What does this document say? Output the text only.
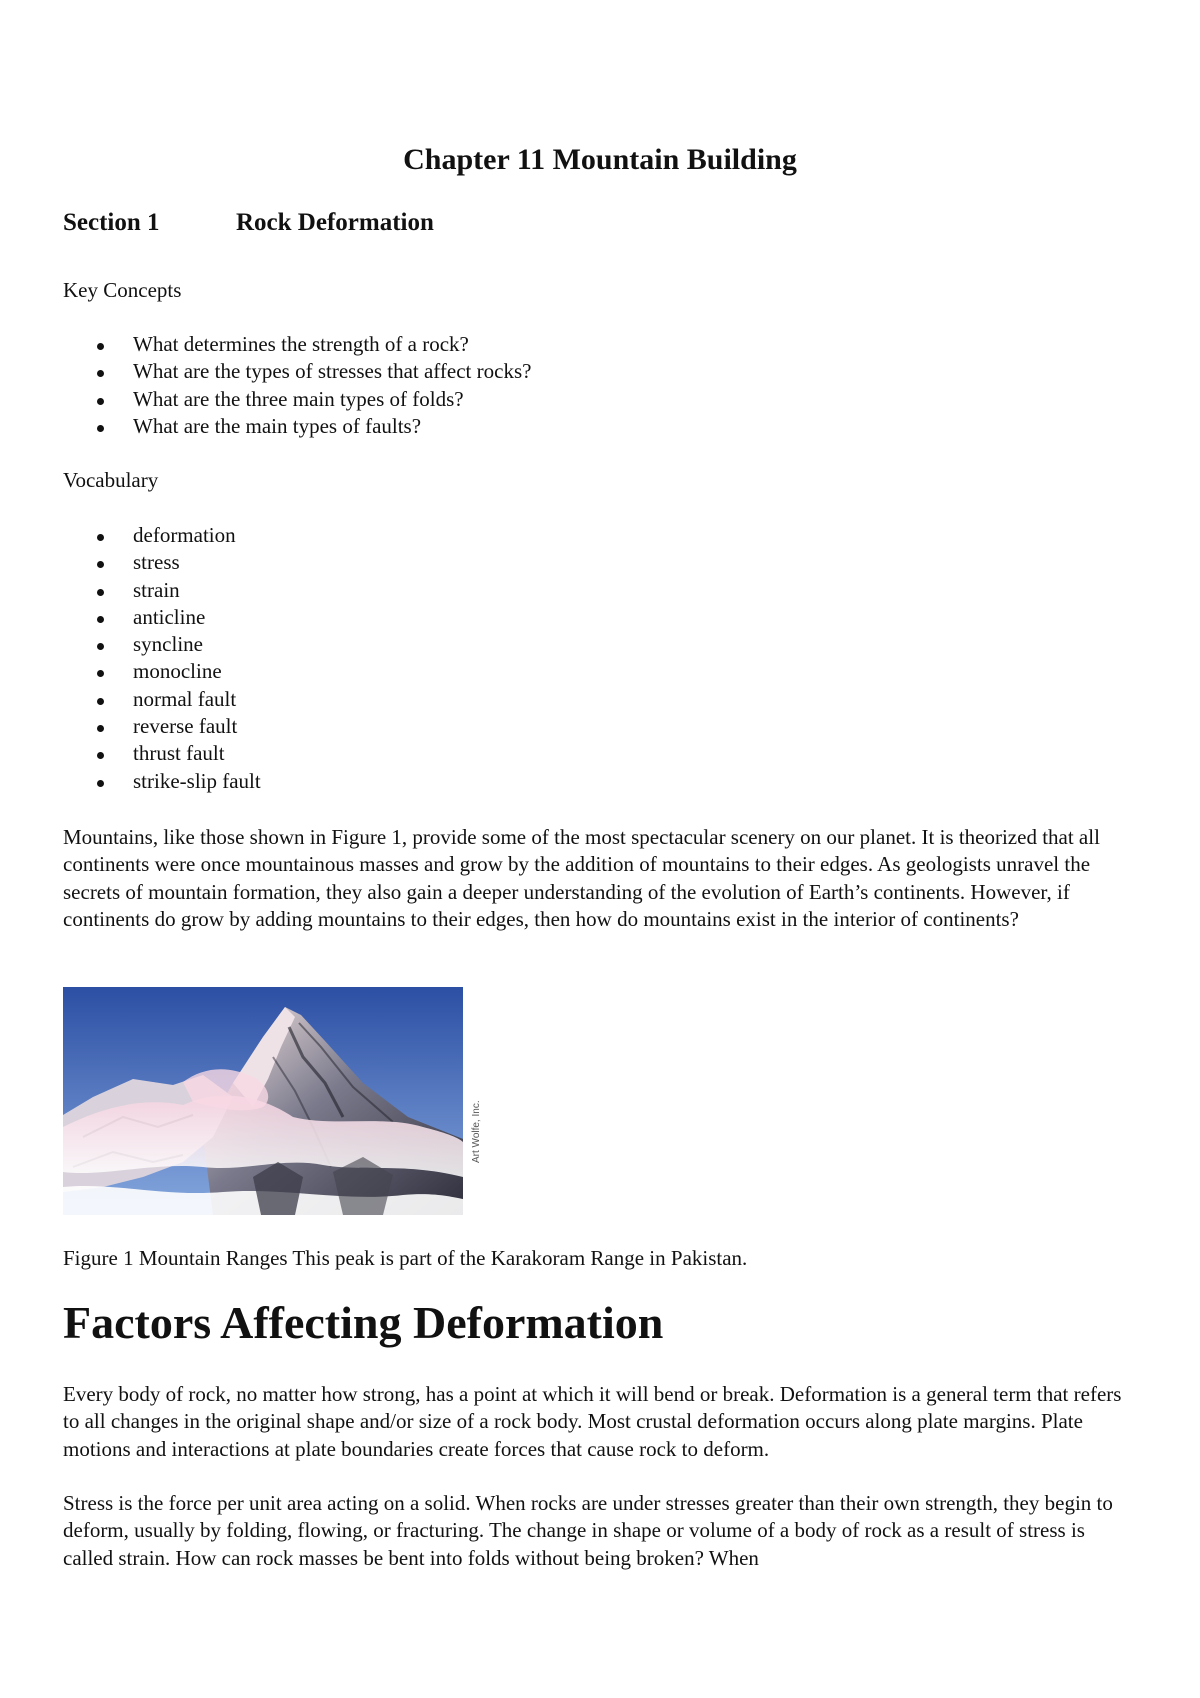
Chapter 11 Mountain Building
Section 1	Rock Deformation
Key Concepts
What determines the strength of a rock?
What are the types of stresses that affect rocks?
What are the three main types of folds?
What are the main types of faults?
Vocabulary
deformation
stress
strain
anticline
syncline
monocline
normal fault
reverse fault
thrust fault
strike-slip fault

Mountains, like those shown in Figure 1, provide some of the most spectacular scenery on our planet. It is theorized that all continents were once mountainous masses and grow by the addition of mountains to their edges. As geologists unravel the secrets of mountain formation, they also gain a deeper understanding of the evolution of Earth’s continents. However, if continents do grow by adding mountains to their edges, then how do mountains exist in the interior of continents?

Art Wolfe, Inc.
Figure 1 Mountain Ranges This peak is part of the Karakoram Range in Pakistan.
Factors Affecting Deformation

Every body of rock, no matter how strong, has a point at which it will bend or break. Deformation is a general term that refers to all changes in the original shape and/or size of a rock body. Most crustal deformation occurs along plate margins. Plate motions and interactions at plate boundaries create forces that cause rock to deform.

Stress is the force per unit area acting on a solid. When rocks are under stresses greater than their own strength, they begin to deform, usually by folding, flowing, or fracturing. The change in shape or volume of a body of rock as a result of stress is called strain. How can rock masses be bent into folds without being broken? When
